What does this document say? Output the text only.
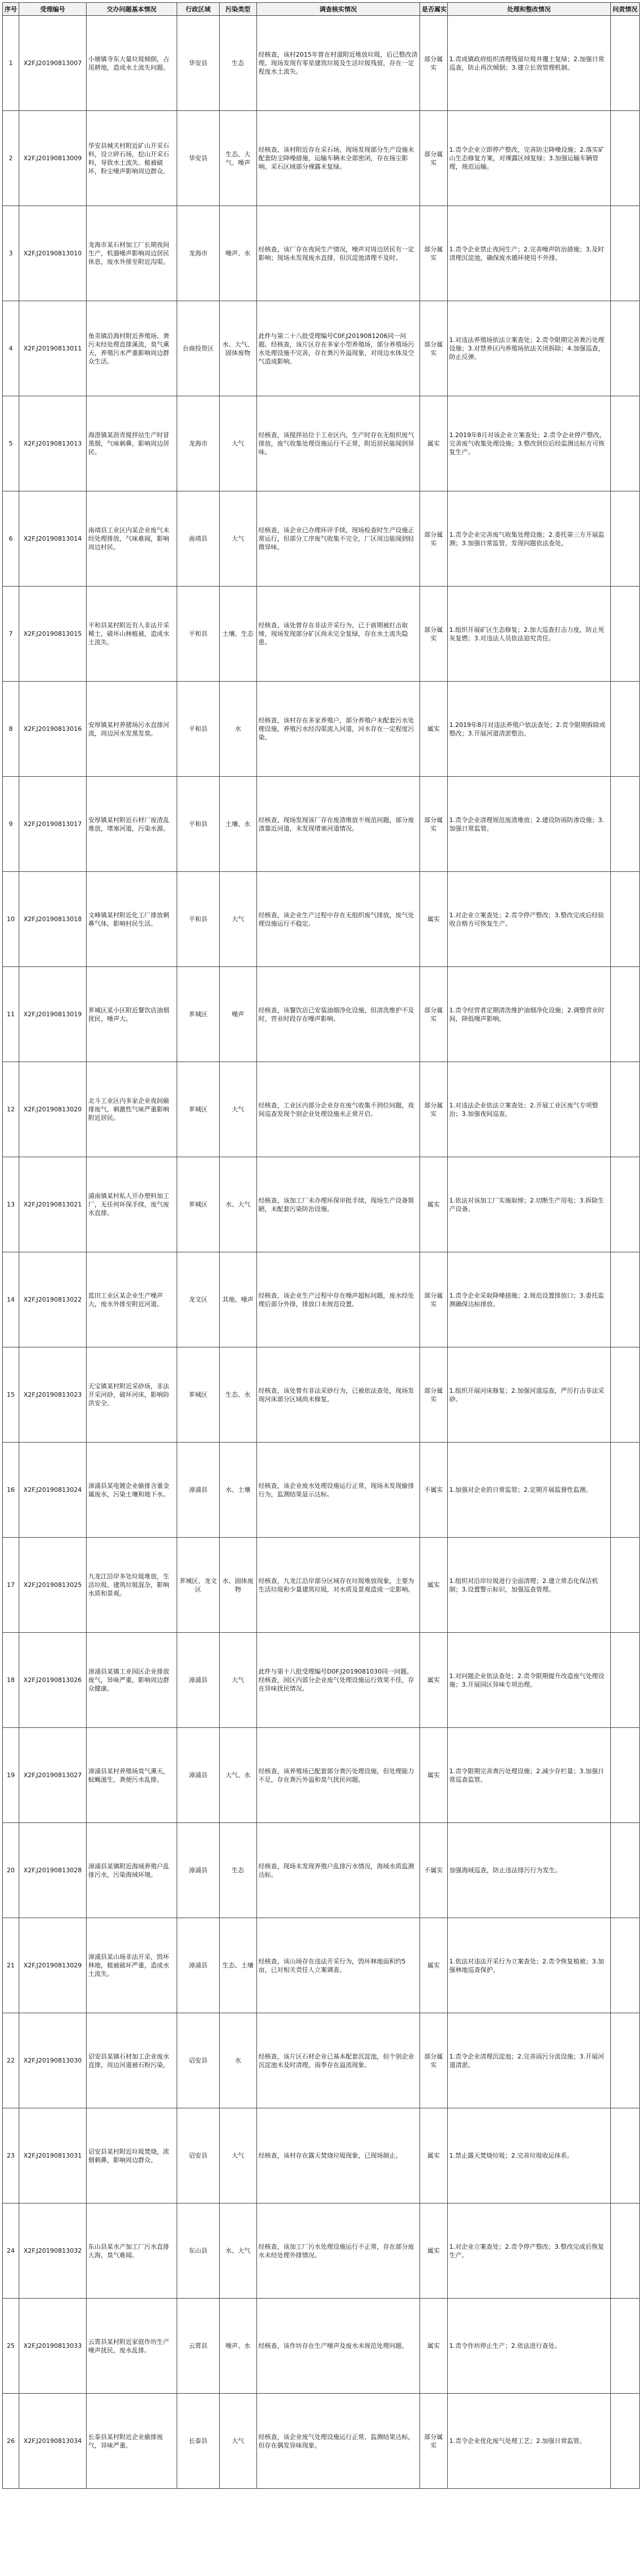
序号	受理编号	交办问题基本情况	行政区域	污染类型	调查核实情况	是否属实	处理和整改情况	问责情况
1	X2F.J20190813007	小塘镇寺东大量垃圾倾倒，占用耕地，造成水土流失问题。	华安县	生态	经核查，该村2015年曾在村道附近堆放垃圾，后已整改清理。现场发现有零星建筑垃圾及生活垃圾残留，存在一定程度水土流失。	部分属实	1.责成镇政府组织清理残留垃圾并覆土复绿；2.加强日常巡查，防止再次倾倒；3.建立长效管理机制。	
2	X2F.J20190813009	华安县城关村附近矿山开采石料，设立碎石场，挖山开采石料，导致水土流失、植被破坏，粉尘噪声影响周边群众。	华安县	生态、大气、噪声	经核查，该村附近存在采石场，现场发现部分生产设施未配套防尘降噪措施，运输车辆未全部密闭，存在扬尘影响。采石区域部分裸露未复绿。	部分属实	1.责令企业立即停产整改，完善防尘降噪设施；2.落实矿山生态修复方案，对裸露区域复绿；3.加强运输车辆管理，规范运输。	
3	X2F.J20190813010	龙海市某石材加工厂长期夜间生产，机器噪声影响周边居民休息，废水外排至附近沟渠。	龙海市	噪声、水	经核查，该厂存在夜间生产情况，噪声对周边居民有一定影响；现场未发现废水直排，但沉淀池清理不及时。	部分属实	1.责令企业禁止夜间生产；2.完善噪声防治措施；3.及时清理沉淀池，确保废水循环使用不外排。	
4	X2F.J20190813011	角美镇沿海村附近养殖场、粪污未经处理直排溪流，臭气熏天，养殖污水严重影响周边群众生活。	台商投资区	水、大气、固体废物	此件与第二十八批受理编号C0F.J2019081206同一问题。经核查，该片区存在多家小型养殖场，部分养殖场污水处理设施不完善，存在粪污外溢现象，对周边水体及空气造成影响。	部分属实	1.对违法养殖场依法立案查处；2.责令限期完善粪污处理设施；3.对禁养区内养殖场依法关闭拆除；4.加强巡查，防止反弹。	
5	X2F.J20190813013	海澄镇某沥青搅拌站生产时冒黑烟，气味刺鼻，影响周边居民。	龙海市	大气	经核查，该搅拌站位于工业区内，生产时存在无组织废气排放，废气收集处理设施运行不正常，附近居民能闻到异味。	属实	1.2019年8月对该企业立案查处；2.责令企业停产整改，完善废气收集处理设施；3.整改到位后经监测达标方可恢复生产。	
6	X2F.J20190813014	南靖县工业区内某企业废气未经处理排放，气味难闻，影响周边村民。	南靖县	大气	经核查，该企业已办理环评手续，现场检查时生产设施正常运行，但部分工序废气收集不完全，厂区周边能闻到轻微异味。	部分属实	1.责令企业完善废气收集处理设施；2.委托第三方开展监测；3.加强日常监管，发现问题依法查处。	
7	X2F.J20190813015	平和县某村附近有人非法开采稀土，破坏山林植被，造成水土流失。	平和县	土壤、生态	经核查，该处曾存在非法开采行为，已于前期被打击取缔，现场发现部分矿区尚未完全复绿，存在水土流失隐患。	部分属实	1.组织开展矿区生态修复；2.加大巡查打击力度，防止死灰复燃；3.对违法人员依法追究责任。	
8	X2F.J20190813016	安厚镇某村养猪场污水直排河流，周边河水发黑发臭。	平和县	水	经核查，该村存在多家养殖户，部分养殖户未配套污水处理设施，养殖污水经沟渠流入河道，河水存在一定程度污染。	属实	1.2019年8月对违法养殖户依法查处；2.责令限期拆除或整改；3.开展河道清淤整治。	
9	X2F.J20190813017	安厚镇某村附近石材厂废渣乱堆放，堵塞河道，污染水源。	平和县	土壤、水	经核查，现场发现该厂存在废渣堆放不规范问题，部分废渣靠近河道，未发现堵塞河道情况。	部分属实	1.责令企业清理规范废渣堆放；2.建设防雨防渗设施；3.加强日常监管。	
10	X2F.J20190813018	文峰镇某村附近化工厂排放刺鼻气体，影响村民生活。	平和县	大气	经核查，该企业生产过程中存在无组织废气排放，废气处理设施运行不稳定。	属实	1.对企业立案查处；2.责令停产整改；3.整改完成后经验收合格方可恢复生产。	
11	X2F.J20190813019	芗城区某小区附近餐饮店油烟扰民，噪声大。	芗城区	噪声	经核查，该餐饮店已安装油烟净化设施，但清洗维护不及时，营业时段存在噪声影响。	部分属实	1.责令经营者定期清洗维护油烟净化设施；2.调整营业时间，降低噪声影响。	
12	X2F.J20190813020	北斗工业区内多家企业夜间偷排废气，刺激性气味严重影响附近居民。	芗城区	大气	经核查，工业区内部分企业存在废气收集不到位问题，夜间巡查发现个别企业处理设施未正常开启。	部分属实	1.对违法企业依法立案查处；2.开展工业区废气专项整治；3.加强夜间巡查。	
13	X2F.J20190813021	浦南镇某村私人开办塑料加工厂，无任何环保手续，废气废水直排。	芗城区	水、大气	经核查，该加工厂未办理环保审批手续，现场生产设备简陋，未配套污染防治设施。	属实	1.依法对该加工厂实施取缔；2.切断生产用电；3.拆除生产设备。	
14	X2F.J20190813022	蓝田工业区某企业生产噪声大，废水外排至附近河道。	龙文区	其他、噪声	经核查，该企业生产过程中存在噪声超标问题，废水经处理后部分外排，排放口未规范设置。	部分属实	1.责令企业采取降噪措施；2.规范设置排放口；3.委托监测确保达标排放。	
15	X2F.J20190813023	天宝镇某村附近采砂场，非法开采河砂，破坏河床，影响防洪安全。	芗城区	生态、水	经核查，该处曾有非法采砂行为，已被依法查处，现场发现河床部分区域尚未修复。	部分属实	1.组织开展河床修复；2.加强河道巡查，严厉打击非法采砂。	
16	X2F.J20190813024	漳浦县某电镀企业偷排含重金属废水，污染土壤和地下水。	漳浦县	水、土壤	经核查，该企业废水处理设施运行正常，现场未发现偷排行为，监测结果显示达标。	不属实	1.加强对企业的日常监管；2.定期开展监督性监测。	
17	X2F.J20190813025	九龙江沿岸多处垃圾堆放，生活垃圾、建筑垃圾混杂，影响水质和景观。	芗城区、龙文区	水、固体废物	经核查，九龙江沿岸部分区域存在垃圾堆放现象，主要为生活垃圾和少量建筑垃圾，对水质及景观造成一定影响。	属实	1.组织对沿岸垃圾进行全面清理；2.建立常态化保洁机制；3.设置警示标识，加强巡查管理。	
18	X2F.J20190813026	漳浦县某镇工业园区企业排放废气，异味严重，影响周边群众健康。	漳浦县	大气	此件与第十八批受理编号D0F.J2019081030同一问题。经核查，园区内部分企业废气处理设施运行效果不佳，存在异味扰民情况。	属实	1.对问题企业依法查处；2.责令限期提升改造废气处理设施；3.开展园区异味专项治理。	
19	X2F.J20190813027	漳浦县某村养殖场臭气熏天，蚊蝇滋生，粪便污水乱排。	漳浦县	大气、水	经核查，该养殖场已配套部分粪污处理设施，但处理能力不足，存在粪污外溢和臭气扰民问题。	属实	1.责令限期完善粪污处理设施；2.减少存栏量；3.加强日常巡查监管。	
20	X2F.J20190813028	漳浦县某镇附近海域养殖户乱排污水，污染海域环境。	漳浦县	生态	经核查，现场未发现养殖户乱排污水情况，海域水质监测达标。	不属实	加强海域巡查，防止违法排污行为发生。	
21	X2F.J20190813029	漳浦县某山场非法开采，毁坏林地，植被破坏严重，造成水土流失。	漳浦县	生态、土壤	经核查，该山场存在违法开采行为，毁坏林地面积约5亩，已对相关责任人立案调查。	属实	1.依法对违法开采行为立案查处；2.责令恢复植被；3.加强林地巡查保护。	
22	X2F.J20190813030	诏安县某镇石材加工企业废水直排，周边河道被石粉污染。	诏安县	水	经核查，该片区石材企业已基本配套沉淀池，但个别企业沉淀池未及时清理，雨季存在溢流现象。	部分属实	1.责令企业清理沉淀池；2.完善雨污分流设施；3.开展河道清淤。	
23	X2F.J20190813031	诏安县某村附近垃圾焚烧，浓烟刺鼻，影响周边群众。	诏安县	大气	经核查，该村存在露天焚烧垃圾现象，已现场制止。	属实	1.禁止露天焚烧垃圾；2.完善垃圾收运体系。	
24	X2F.J20190813032	东山县某水产加工厂污水直排大海，臭气难闻。	东山县	水、大气	经核查，该加工厂污水处理设施运行不正常，存在部分废水未经处理外排情况。	属实	1.对企业立案查处；2.责令停产整改；3.整改完成后恢复生产。	
25	X2F.J20190813033	云霄县某村附近家庭作坊生产噪声扰民，废水乱排。	云霄县	噪声、水	经核查，该作坊存在生产噪声及废水未规范处理问题。	属实	1.责令作坊停止生产；2.依法进行查处。	
26	X2F.J20190813034	长泰县某村附近企业偷排废气，异味严重。	长泰县	大气	经核查，该企业废气处理设施运行正常，监测结果达标，但存在偶发异味现象。	部分属实	1.责令企业优化废气处理工艺；2.加强日常监管。	
